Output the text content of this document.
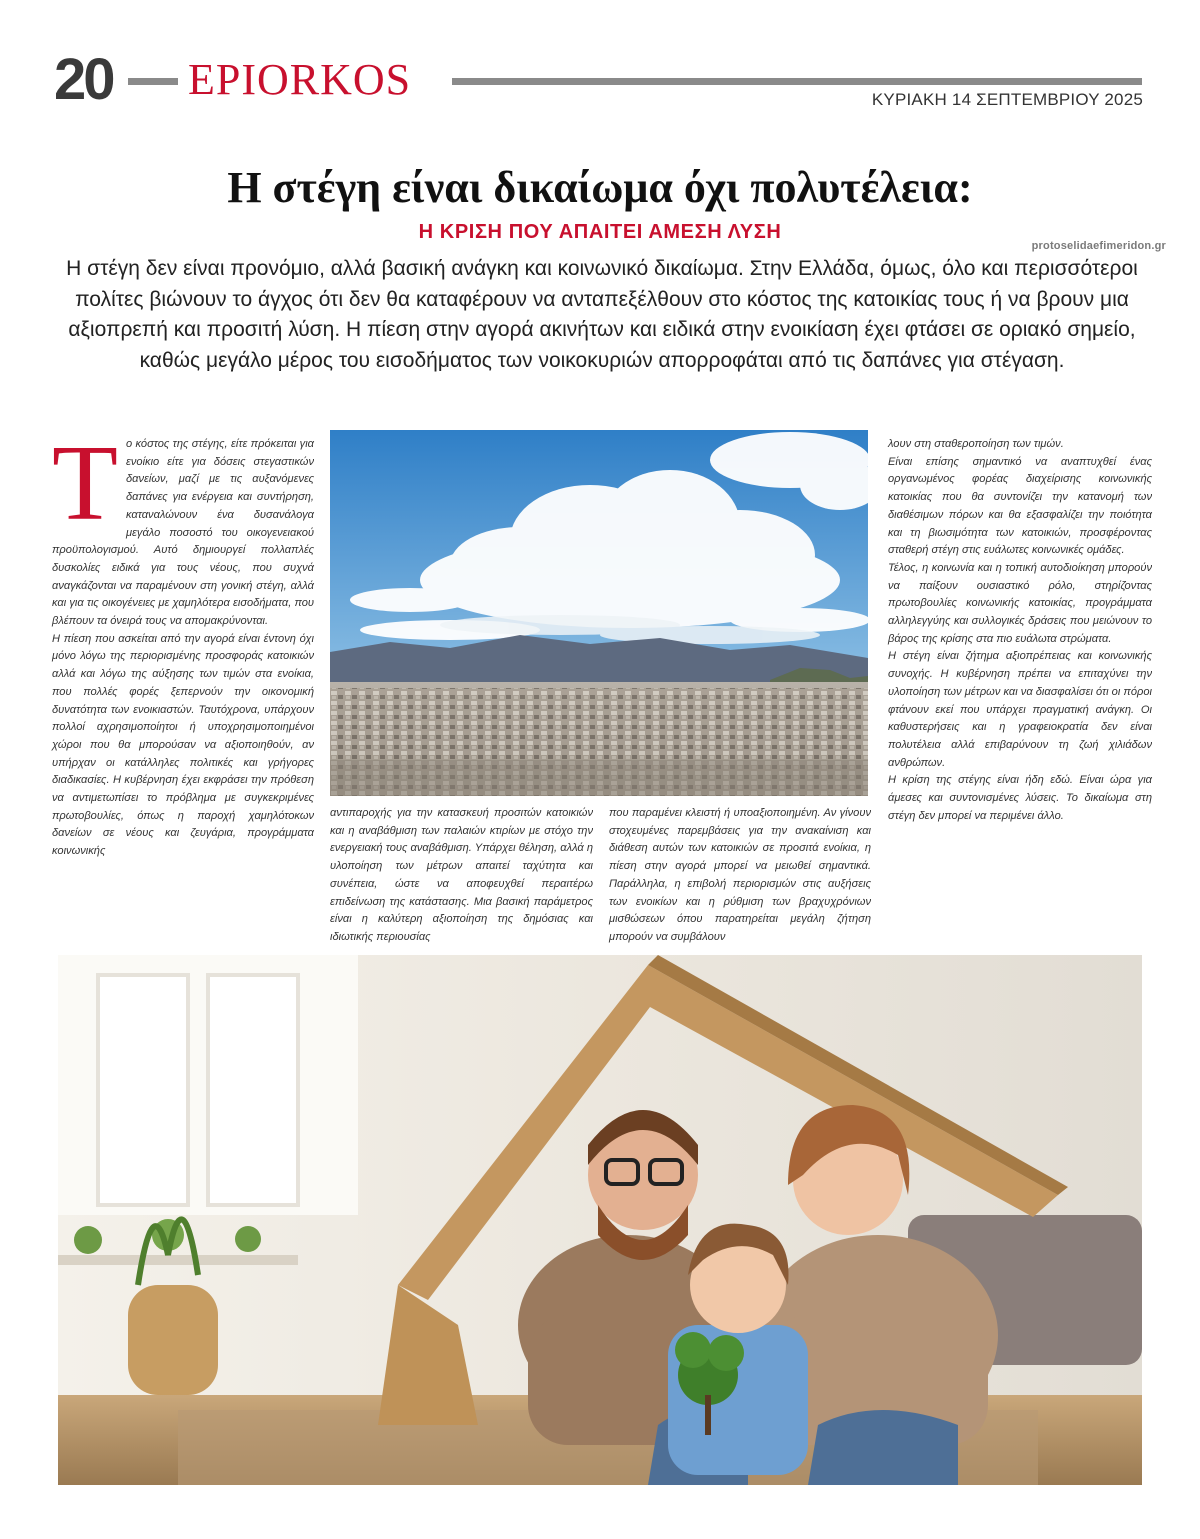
20 EPIORKOS	ΚΥΡΙΑΚΗ 14 ΣΕΠΤΕΜΒΡΙΟΥ 2025
Η στέγη είναι δικαίωμα όχι πολυτέλεια:
Η ΚΡΙΣΗ ΠΟΥ ΑΠΑΙΤΕΙ ΑΜΕΣΗ ΛΥΣΗ
protoselidaefimeridon.gr
Η στέγη δεν είναι προνόμιο, αλλά βασική ανάγκη και κοινωνικό δικαίωμα. Στην Ελλάδα, όμως, όλο και περισσότεροι πολίτες βιώνουν το άγχος ότι δεν θα καταφέρουν να ανταπεξέλθουν στο κόστος της κατοικίας τους ή να βρουν μια αξιοπρεπή και προσιτή λύση. Η πίεση στην αγορά ακινήτων και ειδικά στην ενοικίαση έχει φτάσει σε οριακό σημείο, καθώς μεγάλο μέρος του εισοδήματος των νοικοκυριών απορροφάται από τις δαπάνες για στέγαση.
Τ ο κόστος της στέγης, είτε πρόκειται για ενοίκιο είτε για δόσεις στεγαστικών δανείων, μαζί με τις αυξανόμενες δαπάνες για ενέργεια και συντήρηση, καταναλώνουν ένα δυσανάλογα μεγάλο ποσοστό του οικογενειακού προϋπολογισμού. Αυτό δημιουργεί πολλαπλές δυσκολίες ειδικά για τους νέους, που συχνά αναγκάζονται να παραμένουν στη γονική στέγη, αλλά και για τις οικογένειες με χαμηλότερα εισοδήματα, που βλέπουν τα όνειρά τους να απομακρύνονται.

Η πίεση που ασκείται από την αγορά είναι έντονη όχι μόνο λόγω της περιορισμένης προσφοράς κατοικιών αλλά και λόγω της αύξησης των τιμών στα ενοίκια, που πολλές φορές ξεπερνούν την οικονομική δυνατότητα των ενοικιαστών. Ταυτόχρονα, υπάρχουν πολλοί αχρησιμοποίητοι ή υποχρησιμοποιημένοι χώροι που θα μπορούσαν να αξιοποιηθούν, αν υπήρχαν οι κατάλληλες πολιτικές και γρήγορες διαδικασίες. Η κυβέρνηση έχει εκφράσει την πρόθεση να αντιμετωπίσει το πρόβλημα με συγκεκριμένες πρωτοβουλίες, όπως η παροχή χαμηλότοκων δανείων σε νέους και ζευγάρια, προγράμματα κοινωνικής

αντιπαροχής για την κατασκευή προσιτών κατοικιών και η αναβάθμιση των παλαιών κτιρίων με στόχο την ενεργειακή τους αναβάθμιση. Υπάρχει θέληση, αλλά η υλοποίηση των μέτρων απαιτεί ταχύτητα και συνέπεια, ώστε να αποφευχθεί περαιτέρω επιδείνωση της κατάστασης. Μια βασική παράμετρος είναι η καλύτερη αξιοποίηση της δημόσιας και ιδιωτικής περιουσίας

που παραμένει κλειστή ή υποαξιοποιημένη. Αν γίνουν στοχευμένες παρεμβάσεις για την ανακαίνιση και διάθεση αυτών των κατοικιών σε προσιτά ενοίκια, η πίεση στην αγορά μπορεί να μειωθεί σημαντικά. Παράλληλα, η επιβολή περιορισμών στις αυξήσεις των ενοικίων και η ρύθμιση των βραχυχρόνιων μισθώσεων όπου παρατηρείται μεγάλη ζήτηση μπορούν να συμβάλουν

λουν στη σταθεροποίηση των τιμών.

Είναι επίσης σημαντικό να αναπτυχθεί ένας οργανωμένος φορέας διαχείρισης κοινωνικής κατοικίας που θα συντονίζει την κατανομή των διαθέσιμων πόρων και θα εξασφαλίζει την ποιότητα και τη βιωσιμότητα των κατοικιών, προσφέροντας σταθερή στέγη στις ευάλωτες κοινωνικές ομάδες.

Τέλος, η κοινωνία και η τοπική αυτοδιοίκηση μπορούν να παίξουν ουσιαστικό ρόλο, στηρίζοντας πρωτοβουλίες κοινωνικής κατοικίας, προγράμματα αλληλεγγύης και συλλογικές δράσεις που μειώνουν το βάρος της κρίσης στα πιο ευάλωτα στρώματα.

Η στέγη είναι ζήτημα αξιοπρέπειας και κοινωνικής συνοχής. Η κυβέρνηση πρέπει να επιταχύνει την υλοποίηση των μέτρων και να διασφαλίσει ότι οι πόροι φτάνουν εκεί που υπάρχει πραγματική ανάγκη. Οι καθυστερήσεις και η γραφειοκρατία δεν είναι πολυτέλεια αλλά επιβαρύνουν τη ζωή χιλιάδων ανθρώπων.

Η κρίση της στέγης είναι ήδη εδώ. Είναι ώρα για άμεσες και συντονισμένες λύσεις. Το δικαίωμα στη στέγη δεν μπορεί να περιμένει άλλο.
